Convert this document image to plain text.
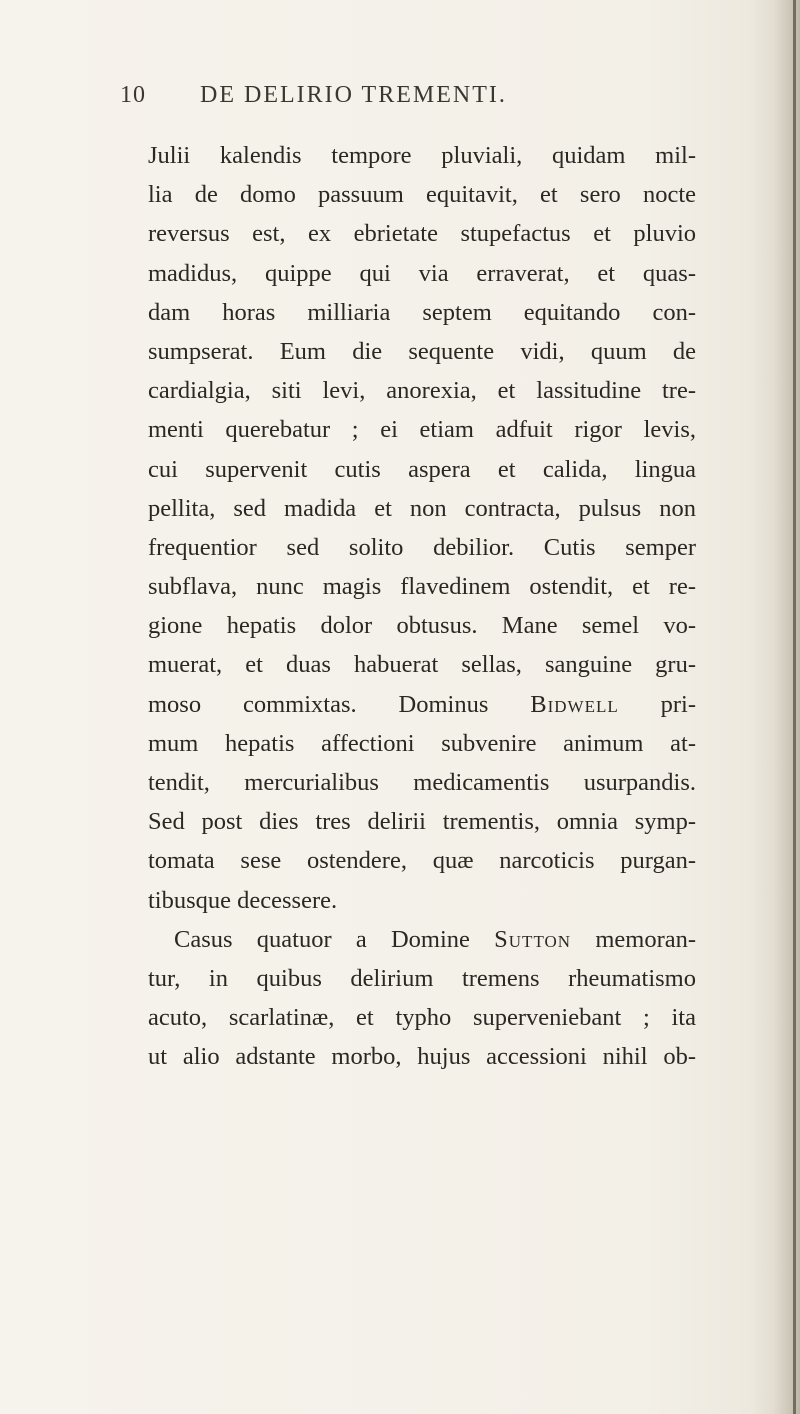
10 DE DELIRIO TREMENTI.
Julii kalendis tempore pluviali, quidam mil-
lia de domo passuum equitavit, et sero nocte
reversus est, ex ebrietate stupefactus et pluvio
madidus, quippe qui via erraverat, et quas-
dam horas milliaria septem equitando con-
sumpserat. Eum die sequente vidi, quum de
cardialgia, siti levi, anorexia, et lassitudine tre-
menti querebatur ; ei etiam adfuit rigor levis,
cui supervenit cutis aspera et calida, lingua
pellita, sed madida et non contracta, pulsus non
frequentior sed solito debilior. Cutis semper
subflava, nunc magis flavedinem ostendit, et re-
gione hepatis dolor obtusus. Mane semel vo-
muerat, et duas habuerat sellas, sanguine gru-
moso commixtas. Dominus Bidwell pri-
mum hepatis affectioni subvenire animum at-
tendit, mercurialibus medicamentis usurpandis.
Sed post dies tres delirii trementis, omnia symp-
tomata sese ostendere, quæ narcoticis purgan-
tibusque decessere.
Casus quatuor a Domine Sutton memoran-
tur, in quibus delirium tremens rheumatismo
acuto, scarlatinæ, et typho superveniebant ; ita
ut alio adstante morbo, hujus accessioni nihil ob-
